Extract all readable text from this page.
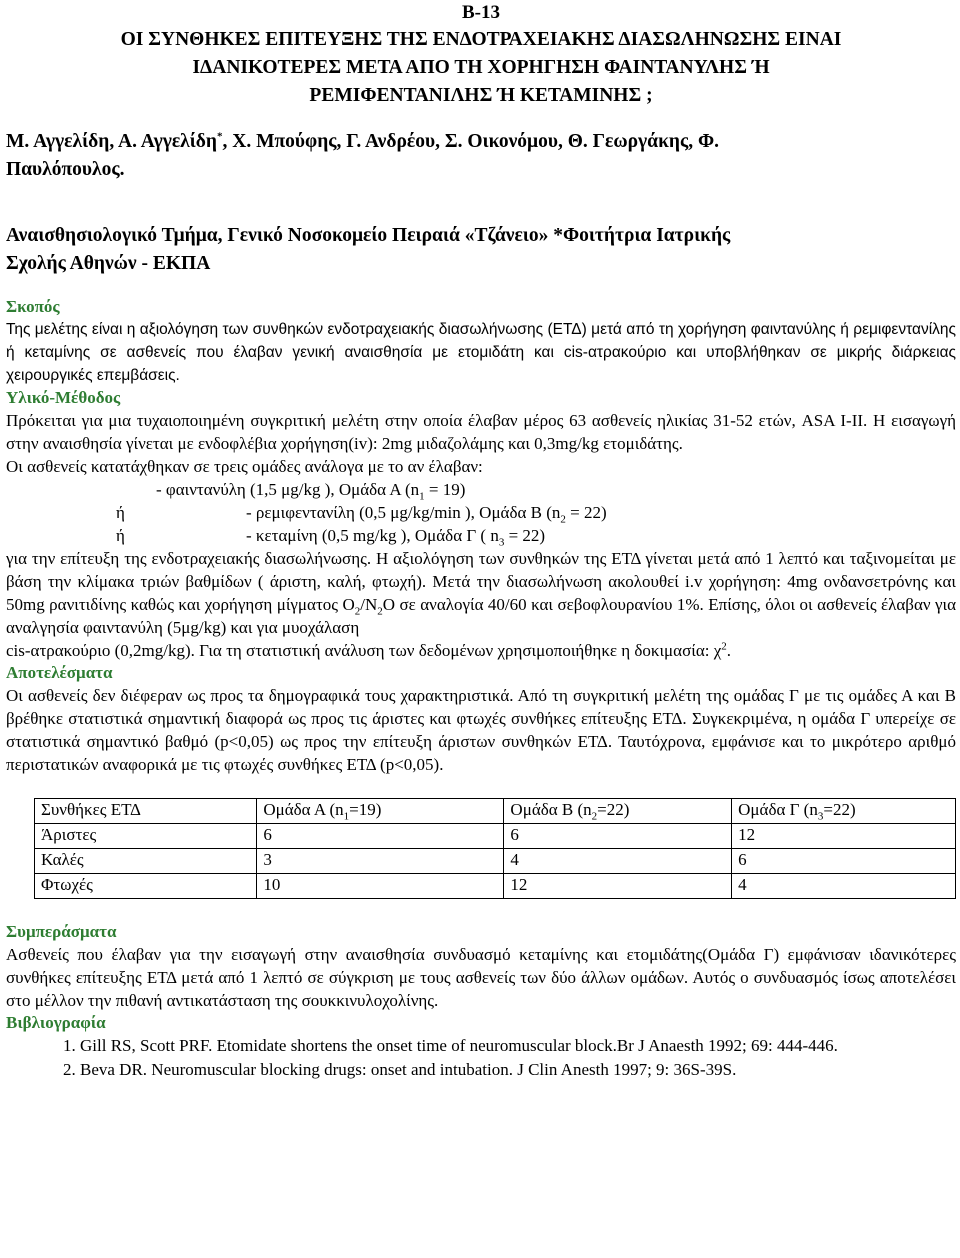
Β-13
ΟΙ ΣΥΝΘΗΚΕΣ ΕΠΙΤΕΥΞΗΣ ΤΗΣ ΕΝΔΟΤΡΑΧΕΙΑΚΗΣ ΔΙΑΣΩΛΗΝΩΣΗΣ ΕΙΝΑΙ
ΙΔΑΝΙΚΟΤΕΡΕΣ ΜΕΤΑ ΑΠΟ ΤΗ ΧΟΡΗΓΗΣΗ ΦΑΙΝΤΑΝΥΛΗΣ Ή
ΡΕΜΙΦΕΝΤΑΝΙΛΗΣ Ή ΚΕΤΑΜΙΝΗΣ ;
Μ. Αγγελίδη, Α. Αγγελίδη*, Χ. Μπούφης, Γ. Ανδρέου, Σ. Οικονόμου, Θ. Γεωργάκης, Φ.
Παυλόπουλος.
Αναισθησιολογικό Τμήμα, Γενικό Νοσοκομείο Πειραιά «Τζάνειο» *Φοιτήτρια Ιατρικής
Σχολής Αθηνών - ΕΚΠΑ
Σκοπός
Της μελέτης είναι η αξιολόγηση των συνθηκών ενδοτραχειακής διασωλήνωσης (ΕΤΔ) μετά από τη χορήγηση φαιντανύλης ή ρεμιφεντανίλης ή κεταμίνης σε ασθενείς που έλαβαν γενική αναισθησία με ετομιδάτη και cis-ατρακούριο και υποβλήθηκαν σε μικρής διάρκειας χειρουργικές επεμβάσεις.
Υλικό-Μέθοδος
Πρόκειται για μια τυχαιοποιημένη συγκριτική μελέτη στην οποία έλαβαν μέρος 63 ασθενείς ηλικίας 31-52 ετών, ASA I-II. Η εισαγωγή στην αναισθησία γίνεται με ενδοφλέβια χορήγηση(iv): 2mg μιδαζολάμης και 0,3mg/kg ετομιδάτης.
Οι ασθενείς κατατάχθηκαν σε τρεις ομάδες ανάλογα με το αν έλαβαν:
- φαιντανύλη (1,5 μg/kg ), Ομάδα Α $(n_1 = 19)$
ή	- ρεμιφεντανίλη (0,5 μg/kg/min ), Ομάδα Β $(n_2 = 22)$
ή	- κεταμίνη (0,5 mg/kg ), Ομάδα Γ ( $n_3 = 22$)
για την επίτευξη της ενδοτραχειακής διασωλήνωσης. Η αξιολόγηση των συνθηκών της ΕΤΔ γίνεται μετά από 1 λεπτό και ταξινομείται με βάση την κλίμακα τριών βαθμίδων ( άριστη, καλή, φτωχή). Μετά την διασωλήνωση ακολουθεί i.v χορήγηση: 4mg ονδανσετρόνης και 50mg ρανιτιδίνης καθώς και χορήγηση μίγματος $O_2/N_2O$ σε αναλογία 40/60 και σεβοφλουρανίου 1%. Επίσης, όλοι οι ασθενείς έλαβαν για αναλγησία φαιντανύλη (5μg/kg) και για μυοχάλαση
cis-ατρακούριο (0,2mg/kg). Για τη στατιστική ανάλυση των δεδομένων χρησιμοποιήθηκε η δοκιμασία: $\chi^2$.
Αποτελέσματα
Οι ασθενείς δεν διέφεραν ως προς τα δημογραφικά τους χαρακτηριστικά. Από τη συγκριτική μελέτη της ομάδας Γ με τις ομάδες Α και Β βρέθηκε στατιστικά σημαντική διαφορά ως προς τις άριστες και φτωχές συνθήκες επίτευξης ΕΤΔ. Συγκεκριμένα, η ομάδα Γ υπερείχε σε στατιστικά σημαντικό βαθμό (p<0,05) ως προς την επίτευξη άριστων συνθηκών ΕΤΔ. Ταυτόχρονα, εμφάνισε και το μικρότερο αριθμό περιστατικών αναφορικά με τις φτωχές συνθήκες ΕΤΔ (p<0,05).
Συνθήκες ΕΤΔ	Ομάδα Α $(n_1=19)$	Ομάδα Β $(n_2=22)$	Ομάδα Γ $(n_3=22)$
Άριστες	6	6	12
Καλές	3	4	6
Φτωχές	10	12	4
Συμπεράσματα
Ασθενείς που έλαβαν για την εισαγωγή στην αναισθησία συνδυασμό κεταμίνης και ετομιδάτης(Ομάδα Γ) εμφάνισαν ιδανικότερες συνθήκες επίτευξης ΕΤΔ μετά από 1 λεπτό σε σύγκριση με τους ασθενείς των δύο άλλων ομάδων. Αυτός ο συνδυασμός ίσως αποτελέσει στο μέλλον την πιθανή αντικατάσταση της σουκκινυλοχολίνης.
Βιβλιογραφία
1. Gill RS, Scott PRF. Etomidate shortens the onset time of neuromuscular block.Br J Anaesth 1992; 69: 444-446.
2. Beva DR. Neuromuscular blocking drugs: onset and intubation. J Clin Anesth 1997; 9: 36S-39S.
